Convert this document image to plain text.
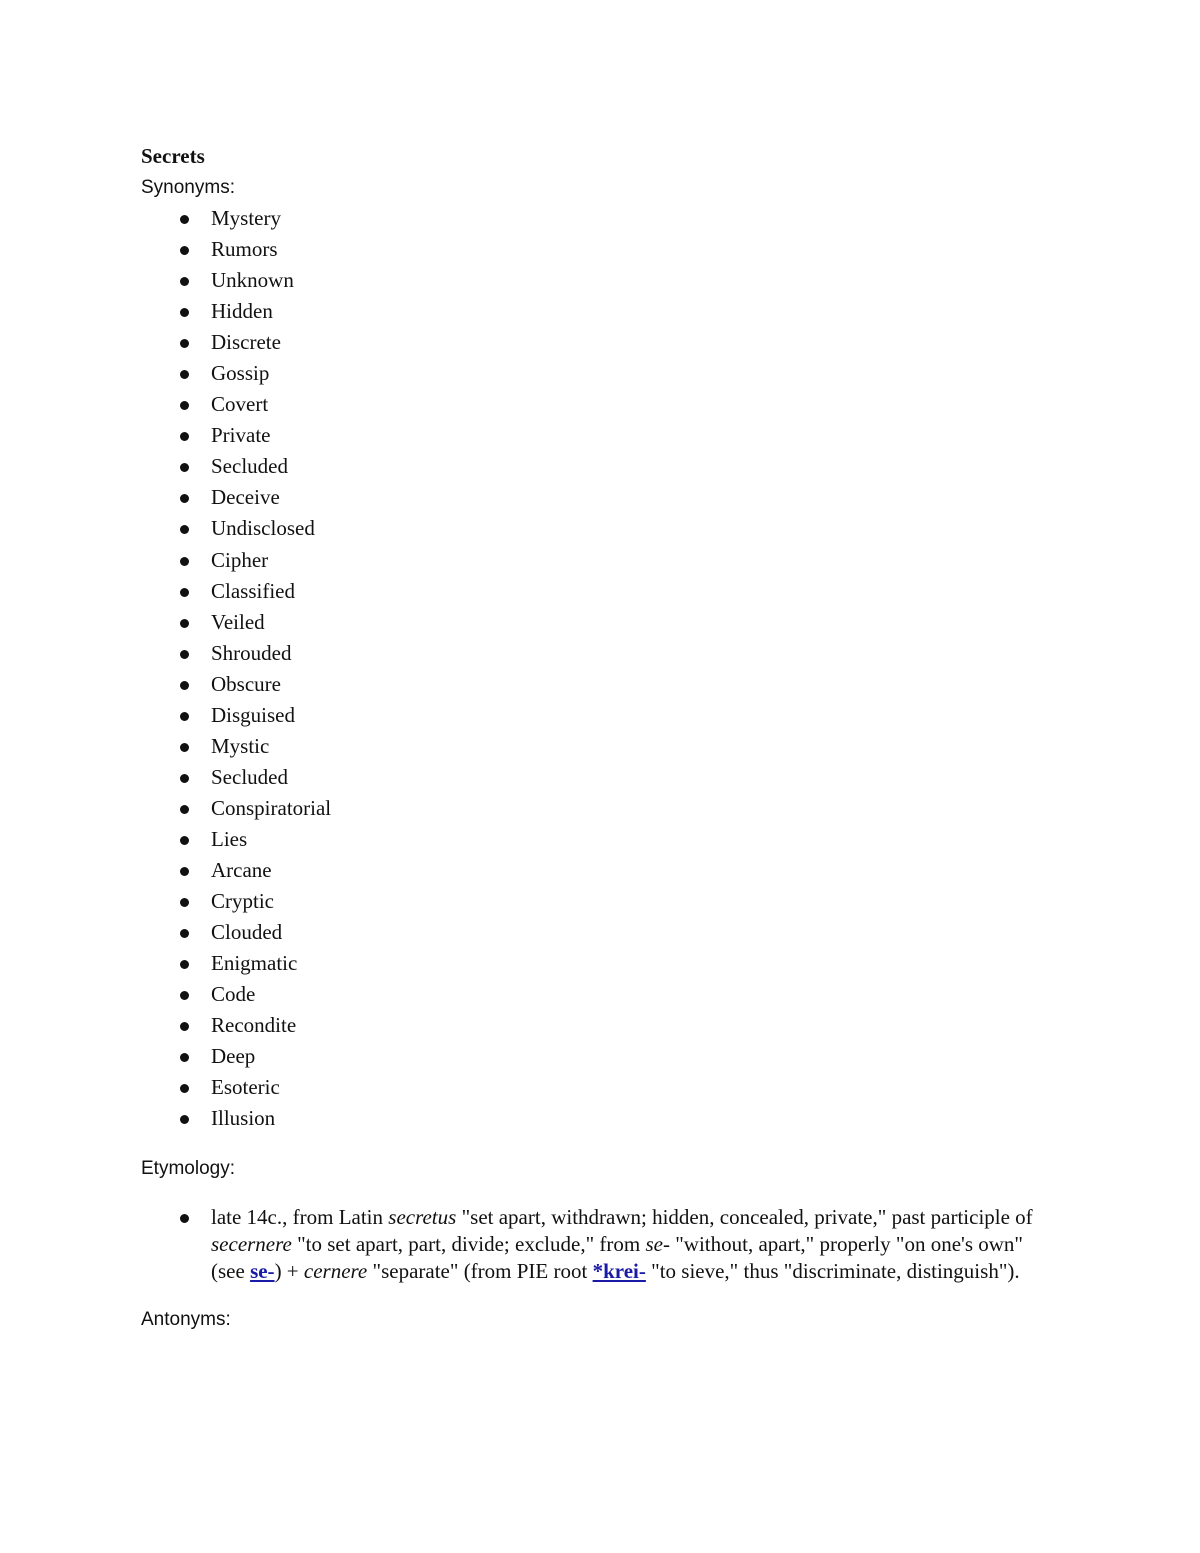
Secrets

Synonyms:

Mystery
Rumors
Unknown
Hidden
Discrete
Gossip
Covert
Private
Secluded
Deceive
Undisclosed
Cipher
Classified
Veiled
Shrouded
Obscure
Disguised
Mystic
Secluded
Conspiratorial
Lies
Arcane
Cryptic
Clouded
Enigmatic
Code
Recondite
Deep
Esoteric
Illusion

Etymology:

late 14c., from Latin secretus "set apart, withdrawn; hidden, concealed, private," past participle of secernere "to set apart, part, divide; exclude," from se- "without, apart," properly "on one's own" (see se-) + cernere "separate" (from PIE root *krei- "to sieve," thus "discriminate, distinguish").

Antonyms:
